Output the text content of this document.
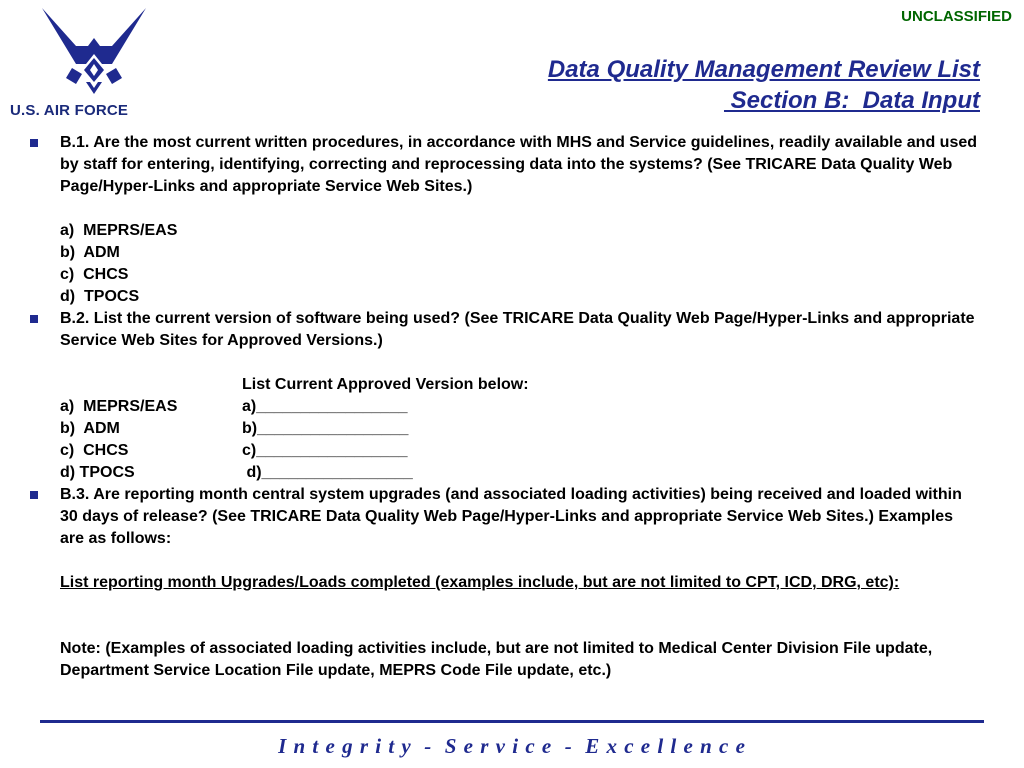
UNCLASSIFIED
U.S. AIR FORCE
Data Quality Management Review List
Section B:  Data Input
B.1. Are the most current written procedures, in accordance with MHS and Service guidelines, readily available and used by staff for entering, identifying, correcting and reprocessing data into the systems? (See TRICARE Data Quality Web Page/Hyper-Links and appropriate Service Web Sites.)
a)  MEPRS/EAS
b)  ADM
c)  CHCS
d)  TPOCS
B.2. List the current version of software being used? (See TRICARE Data Quality Web Page/Hyper-Links and appropriate Service Web Sites for Approved Versions.)
List Current Approved Version below:
a)  MEPRS/EAS	a)_________________
b)  ADM	b)_________________
c)  CHCS	c)_________________
d) TPOCS	d)_________________
B.3. Are reporting month central system upgrades (and associated loading activities) being received and loaded within 30 days of release? (See TRICARE Data Quality Web Page/Hyper-Links and appropriate Service Web Sites.) Examples are as follows:
List reporting month Upgrades/Loads completed (examples include, but are not limited to CPT, ICD, DRG, etc):
Note: (Examples of associated loading activities include, but are not limited to Medical Center Division File update, Department Service Location File update, MEPRS Code File update, etc.)
I n t e g r i t y  -  S e r v i c e  -  E x c e l l e n c e
